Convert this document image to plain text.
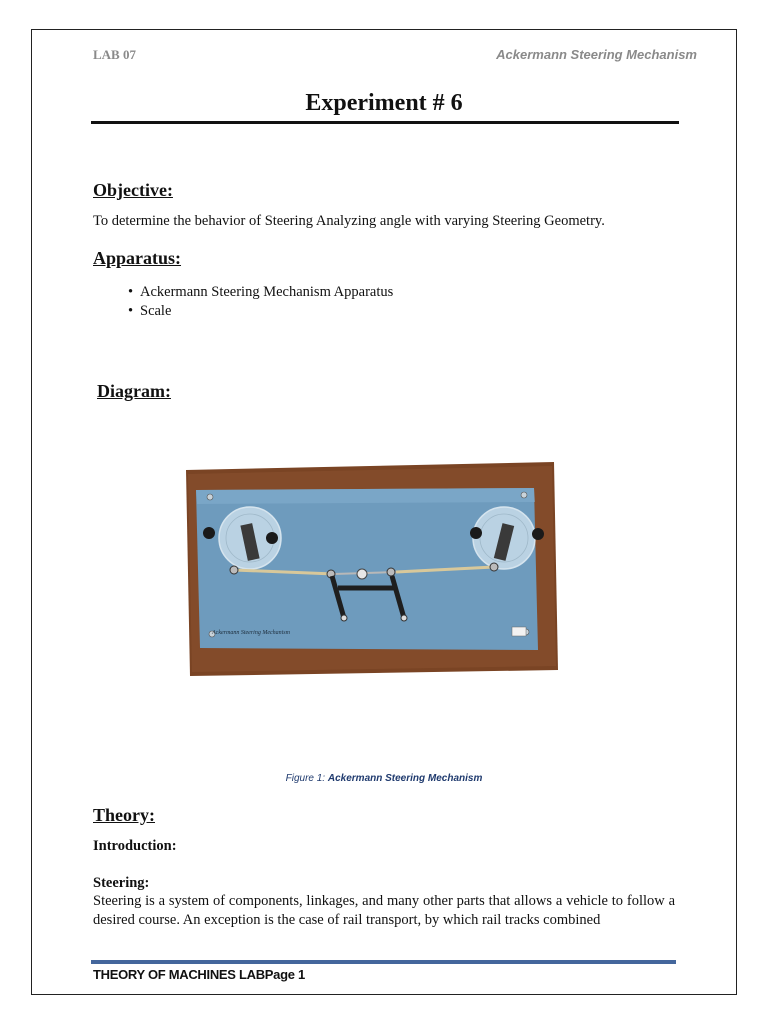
LAB 07	Ackermann Steering Mechanism
Experiment # 6
Objective:
To determine the behavior of Steering Analyzing angle with varying Steering Geometry.
Apparatus:
• Ackermann Steering Mechanism Apparatus
• Scale
Diagram:
Ackermann Steering Mechanism
Figure 1: Ackermann Steering Mechanism
Theory:
Introduction:
Steering:
Steering is a system of components, linkages, and many other parts that allows a vehicle to follow a desired course. An exception is the case of rail transport, by which rail tracks combined
THEORY OF MACHINES LABPage 1
